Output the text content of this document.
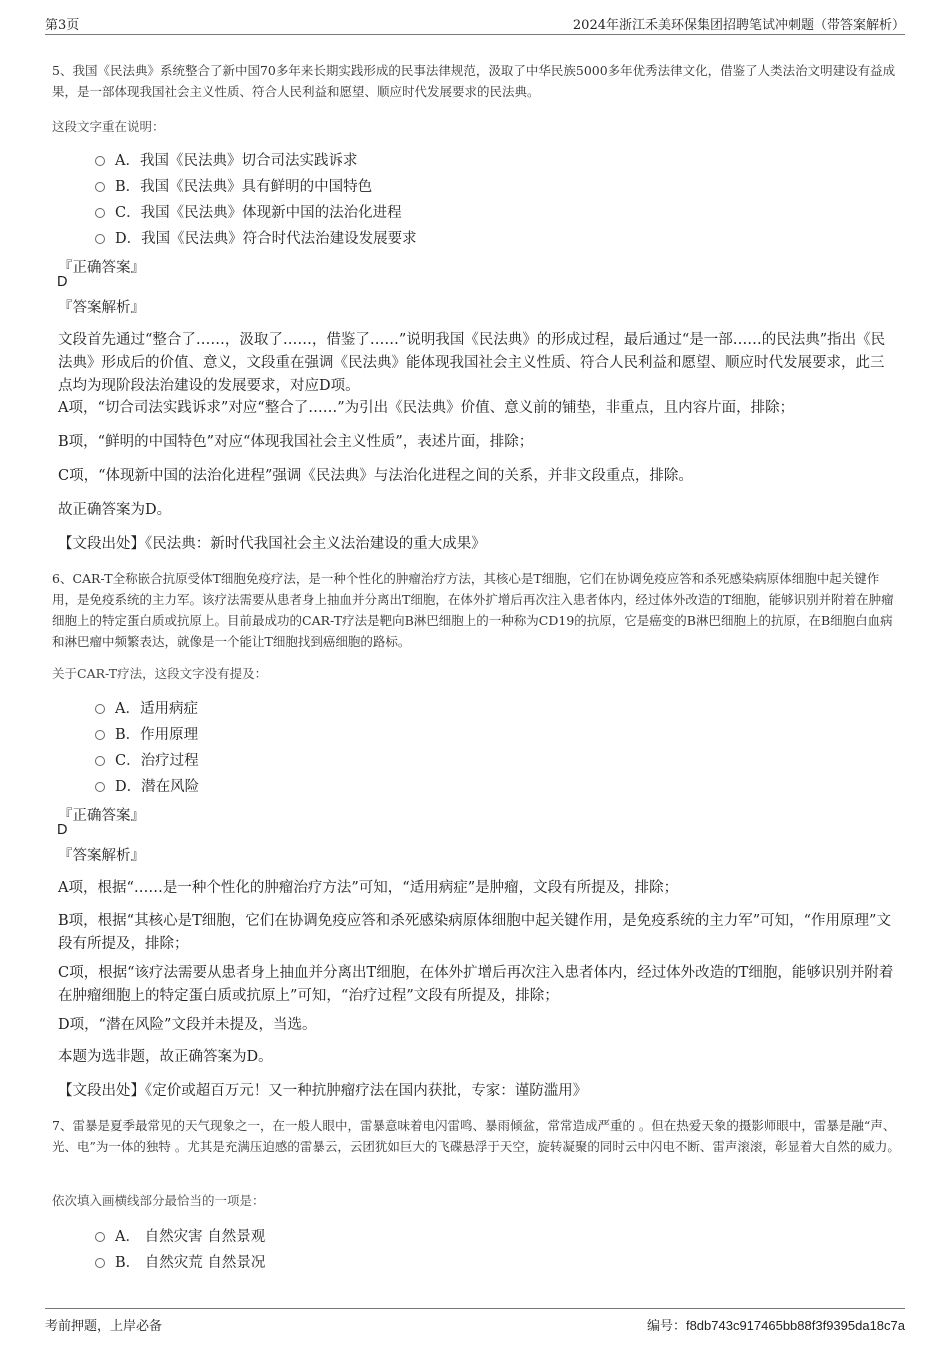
第3页	2024年浙江禾美环保集团招聘笔试冲刺题（带答案解析）
5、我国《民法典》系统整合了新中国70多年来长期实践形成的民事法律规范，汲取了中华民族5000多年优秀法律文化，借鉴了人类法治文明建设有益成果，是一部体现我国社会主义性质、符合人民利益和愿望、顺应时代发展要求的民法典。
这段文字重在说明：
A．我国《民法典》切合司法实践诉求
B．我国《民法典》具有鲜明的中国特色
C．我国《民法典》体现新中国的法治化进程
D．我国《民法典》符合时代法治建设发展要求
『正确答案』
D
『答案解析』
文段首先通过“整合了……，汲取了……，借鉴了……”说明我国《民法典》的形成过程，最后通过“是一部……的民法典”指出《民法典》形成后的价值、意义，文段重在强调《民法典》能体现我国社会主义性质、符合人民利益和愿望、顺应时代发展要求，此三点均为现阶段法治建设的发展要求，对应D项。
A项，“切合司法实践诉求”对应“整合了……”为引出《民法典》价值、意义前的铺垫，非重点，且内容片面，排除；
B项，“鲜明的中国特色”对应“体现我国社会主义性质”，表述片面，排除；
C项，“体现新中国的法治化进程”强调《民法典》与法治化进程之间的关系，并非文段重点，排除。
故正确答案为D。
【文段出处】《民法典：新时代我国社会主义法治建设的重大成果》
6、CAR-T全称嵌合抗原受体T细胞免疫疗法，是一种个性化的肿瘤治疗方法，其核心是T细胞，它们在协调免疫应答和杀死感染病原体细胞中起关键作用，是免疫系统的主力军。该疗法需要从患者身上抽血并分离出T细胞，在体外扩增后再次注入患者体内，经过体外改造的T细胞，能够识别并附着在肿瘤细胞上的特定蛋白质或抗原上。目前最成功的CAR-T疗法是靶向B淋巴细胞上的一种称为CD19的抗原，它是癌变的B淋巴细胞上的抗原，在B细胞白血病和淋巴瘤中频繁表达，就像是一个能让T细胞找到癌细胞的路标。
关于CAR-T疗法，这段文字没有提及：
A．适用病症
B．作用原理
C．治疗过程
D．潜在风险
『正确答案』
D
『答案解析』
A项，根据“……是一种个性化的肿瘤治疗方法”可知，“适用病症”是肿瘤，文段有所提及，排除；
B项，根据“其核心是T细胞，它们在协调免疫应答和杀死感染病原体细胞中起关键作用，是免疫系统的主力军”可知，“作用原理”文段有所提及，排除；
C项，根据“该疗法需要从患者身上抽血并分离出T细胞，在体外扩增后再次注入患者体内，经过体外改造的T细胞，能够识别并附着在肿瘤细胞上的特定蛋白质或抗原上”可知，“治疗过程”文段有所提及，排除；
D项，“潜在风险”文段并未提及，当选。
本题为选非题，故正确答案为D。
【文段出处】《定价或超百万元！又一种抗肿瘤疗法在国内获批，专家：谨防滥用》
7、雷暴是夏季最常见的天气现象之一，在一般人眼中，雷暴意味着电闪雷鸣、暴雨倾盆，常常造成严重的 。但在热爱天象的摄影师眼中，雷暴是融“声、光、电”为一体的独特 。尤其是充满压迫感的雷暴云，云团犹如巨大的飞碟悬浮于天空，旋转凝聚的同时云中闪电不断、雷声滚滚，彰显着大自然的威力。
依次填入画横线部分最恰当的一项是：
A． 自然灾害 自然景观
B． 自然灾荒 自然景况
考前押题，上岸必备	编号：f8db743c917465bb88f3f9395da18c7a
